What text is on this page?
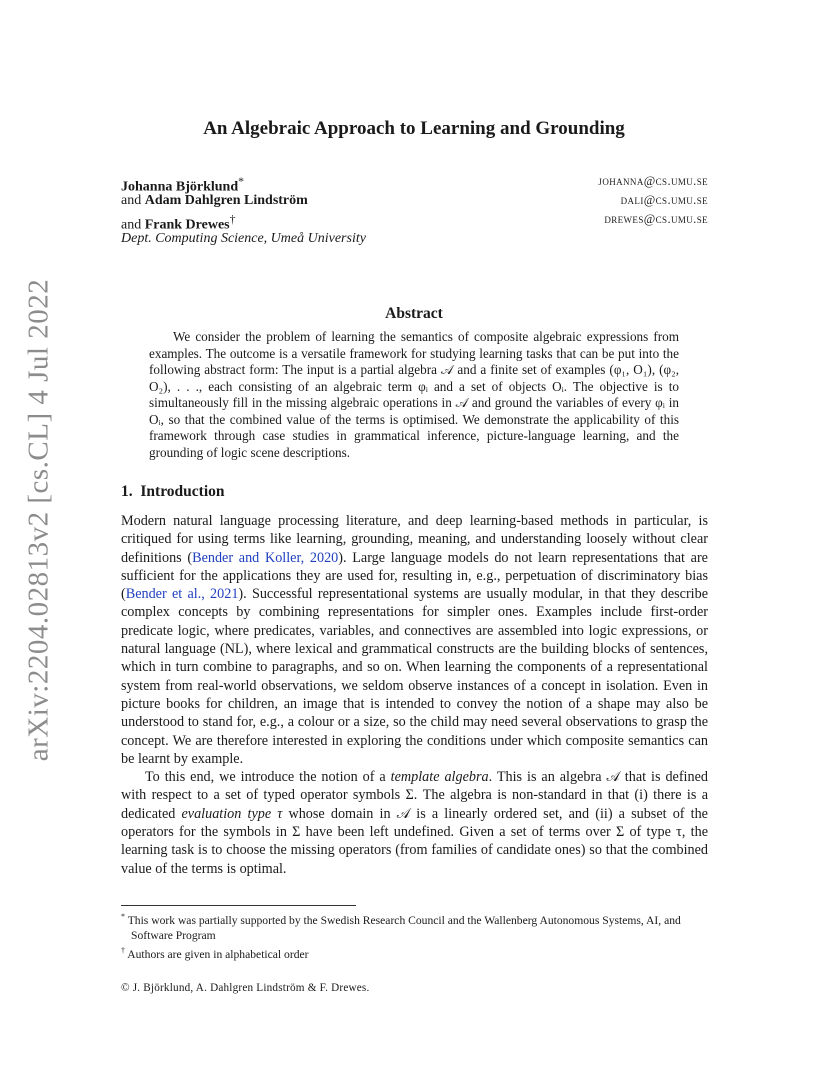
arXiv:2204.02813v2 [cs.CL] 4 Jul 2022
An Algebraic Approach to Learning and Grounding
Johanna Björklund*	johanna@cs.umu.se
and Adam Dahlgren Lindström	dali@cs.umu.se
and Frank Drewes†	drewes@cs.umu.se
Dept. Computing Science, Umeå University
Abstract
We consider the problem of learning the semantics of composite algebraic expressions from examples. The outcome is a versatile framework for studying learning tasks that can be put into the following abstract form: The input is a partial algebra 𝒜 and a finite set of examples (φ₁, O₁), (φ₂, O₂), . . ., each consisting of an algebraic term φᵢ and a set of objects Oᵢ. The objective is to simultaneously fill in the missing algebraic operations in 𝒜 and ground the variables of every φᵢ in Oᵢ, so that the combined value of the terms is optimised. We demonstrate the applicability of this framework through case studies in grammatical inference, picture-language learning, and the grounding of logic scene descriptions.
1. Introduction

Modern natural language processing literature, and deep learning-based methods in particular, is critiqued for using terms like learning, grounding, meaning, and understanding loosely without clear definitions (Bender and Koller, 2020). Large language models do not learn representations that are sufficient for the applications they are used for, resulting in, e.g., perpetuation of discriminatory bias (Bender et al., 2021). Successful representational systems are usually modular, in that they describe complex concepts by combining representations for simpler ones. Examples include first-order predicate logic, where predicates, variables, and connectives are assembled into logic expressions, or natural language (NL), where lexical and grammatical constructs are the building blocks of sentences, which in turn combine to paragraphs, and so on. When learning the components of a representational system from real-world observations, we seldom observe instances of a concept in isolation. Even in picture books for children, an image that is intended to convey the notion of a shape may also be understood to stand for, e.g., a colour or a size, so the child may need several observations to grasp the concept. We are therefore interested in exploring the conditions under which composite semantics can be learnt by example.

To this end, we introduce the notion of a template algebra. This is an algebra 𝒜 that is defined with respect to a set of typed operator symbols Σ. The algebra is non-standard in that (i) there is a dedicated evaluation type τ whose domain in 𝒜 is a linearly ordered set, and (ii) a subset of the operators for the symbols in Σ have been left undefined. Given a set of terms over Σ of type τ, the learning task is to choose the missing operators (from families of candidate ones) so that the combined value of the terms is optimal.

* This work was partially supported by the Swedish Research Council and the Wallenberg Autonomous Systems, AI, and Software Program
† Authors are given in alphabetical order
© J. Björklund, A. Dahlgren Lindström & F. Drewes.
